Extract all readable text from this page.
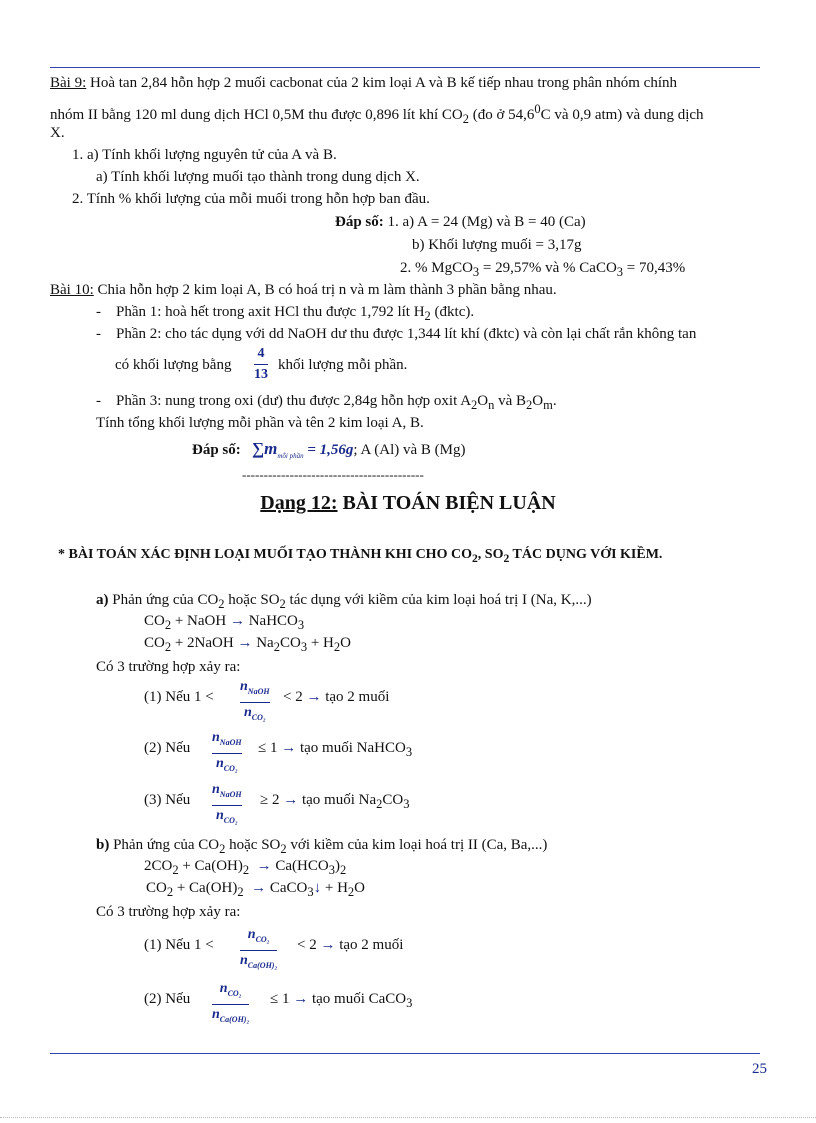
Bài 9: Hoà tan 2,84 hỗn hợp 2 muối cacbonat của 2 kim loại A và B kế tiếp nhau trong phân nhóm chính
nhóm II bằng 120 ml dung dịch HCl 0,5M thu được 0,896 lít khí $CO_2$ (đo ở 54,6$^0$C và 0,9 atm) và dung dịch
X.
1. a) Tính khối lượng nguyên tử của A và B.
a) Tính khối lượng muối tạo thành trong dung dịch X.
2. Tính % khối lượng của mỗi muối trong hỗn hợp ban đầu.
Đáp số: 1. a) A = 24 (Mg) và B = 40 (Ca)
b) Khối lượng muối = 3,17g
2. % MgCO$_3$ = 29,57% và % CaCO$_3$ = 70,43%
Bài 10: Chia hỗn hợp 2 kim loại A, B có hoá trị n và m làm thành 3 phần bằng nhau.
-    Phần 1: hoà hết trong axit HCl thu được 1,792 lít $H_2$ (đktc).
-    Phần 2: cho tác dụng với dd NaOH dư thu được 1,344 lít khí (đktc) và còn lại chất rắn không tan
có khối lượng bằng
4
13
khối lượng mỗi phần.
-    Phần 3: nung trong oxi (dư) thu được 2,84g hỗn hợp oxit $A_2O_n$ và $B_2O_m$.
Tính tổng khối lượng mỗi phần và tên 2 kim loại A, B.
Đáp số: $\sum m_{mỗi phần} = 1,56g$; A (Al) và B (Mg)
------------------------------------------
Dạng 12: BÀI TOÁN BIỆN LUẬN
* BÀI TOÁN XÁC ĐỊNH LOẠI MUỐI TẠO THÀNH KHI CHO $CO_2$, $SO_2$ TÁC DỤNG VỚI KIỀM.
a) Phản ứng của $CO_2$ hoặc $SO_2$ tác dụng với kiềm của kim loại hoá trị I (Na, K,...)
$CO_2$ + NaOH → NaHCO$_3$
$CO_2$ + 2NaOH → $Na_2CO_3 + H_2O$
Có 3 trường hợp xảy ra:
(1) Nếu 1 <
$n_{NaOH}$
$n_{CO_2}$
< 2 → tạo 2 muối
(2) Nếu
$n_{NaOH}$
$n_{CO_2}$
≤ 1 → tạo muối NaHCO$_3$
(3) Nếu
$n_{NaOH}$
$n_{CO_2}$
≥ 2 → tạo muối $Na_2CO_3$
b) Phản ứng của $CO_2$ hoặc $SO_2$ với kiềm của kim loại hoá trị II (Ca, Ba,...)
$2CO_2 + Ca(OH)_2 \to Ca(HCO_3)_2$
$CO_2 + Ca(OH)_2$ → CaCO$_3$↓ + $H_2O$
Có 3 trường hợp xảy ra:
(1) Nếu 1 <
$n_{CO_2}$
$n_{Ca(OH)_2}$
< 2 → tạo 2 muối
(2) Nếu
$n_{CO_2}$
$n_{Ca(OH)_2}$
≤ 1 → tạo muối CaCO$_3$
25
